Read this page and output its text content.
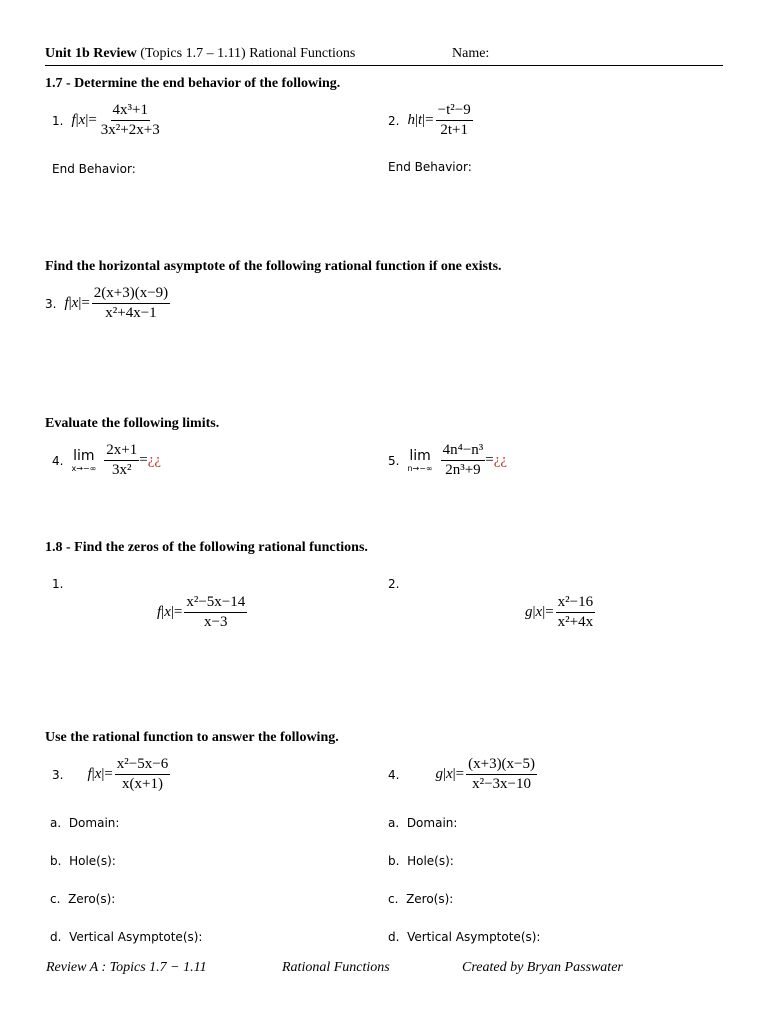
Unit 1b Review (Topics 1.7 – 1.11) Rational Functions	Name:
1.7 - Determine the end behavior of the following.
1. f | x |= $\frac{\text{4x³+1}}{\text{3x²+2x+3}}$	2. h | t |= $\frac{\text{−t²−9}}{2t+1}$
End Behavior:	End Behavior:
Find the horizontal asymptote of the following rational function if one exists.
3. f | x |= $\frac{2(x+3)(x-9)}{\text{x²+4x−1}}$
Evaluate the following limits.
4. lim
$x\to-\infty \frac{2x+1}{\text{3x²}}$ = ¿¿	5. lim
$n\to-\infty \frac{\text{4n⁴−n³}}{\text{2n³+9}}$ = ¿¿
1.8 - Find the zeros of the following rational functions.
1.	2.
f | x |= $\frac{\text{x²−5x−14}}{x-3}$	g | x |= $\frac{\text{x²−16}}{\text{x²+4x}}$
Use the rational function to answer the following.
3. f | x |= $\frac{\text{x²−5x−6}}{x(x+1)}$	4. g | x |= $\frac{(x+3)(x-5)}{\text{x²−3x−10}}$
a. Domain:
b. Hole(s):
c. Zero(s):
d. Vertical Asymptote(s):
a. Domain:
b. Hole(s):
c. Zero(s):
d. Vertical Asymptote(s):
Review A : Topics 1.7 − 1.11	Rational Functions	Created by Bryan Passwater
